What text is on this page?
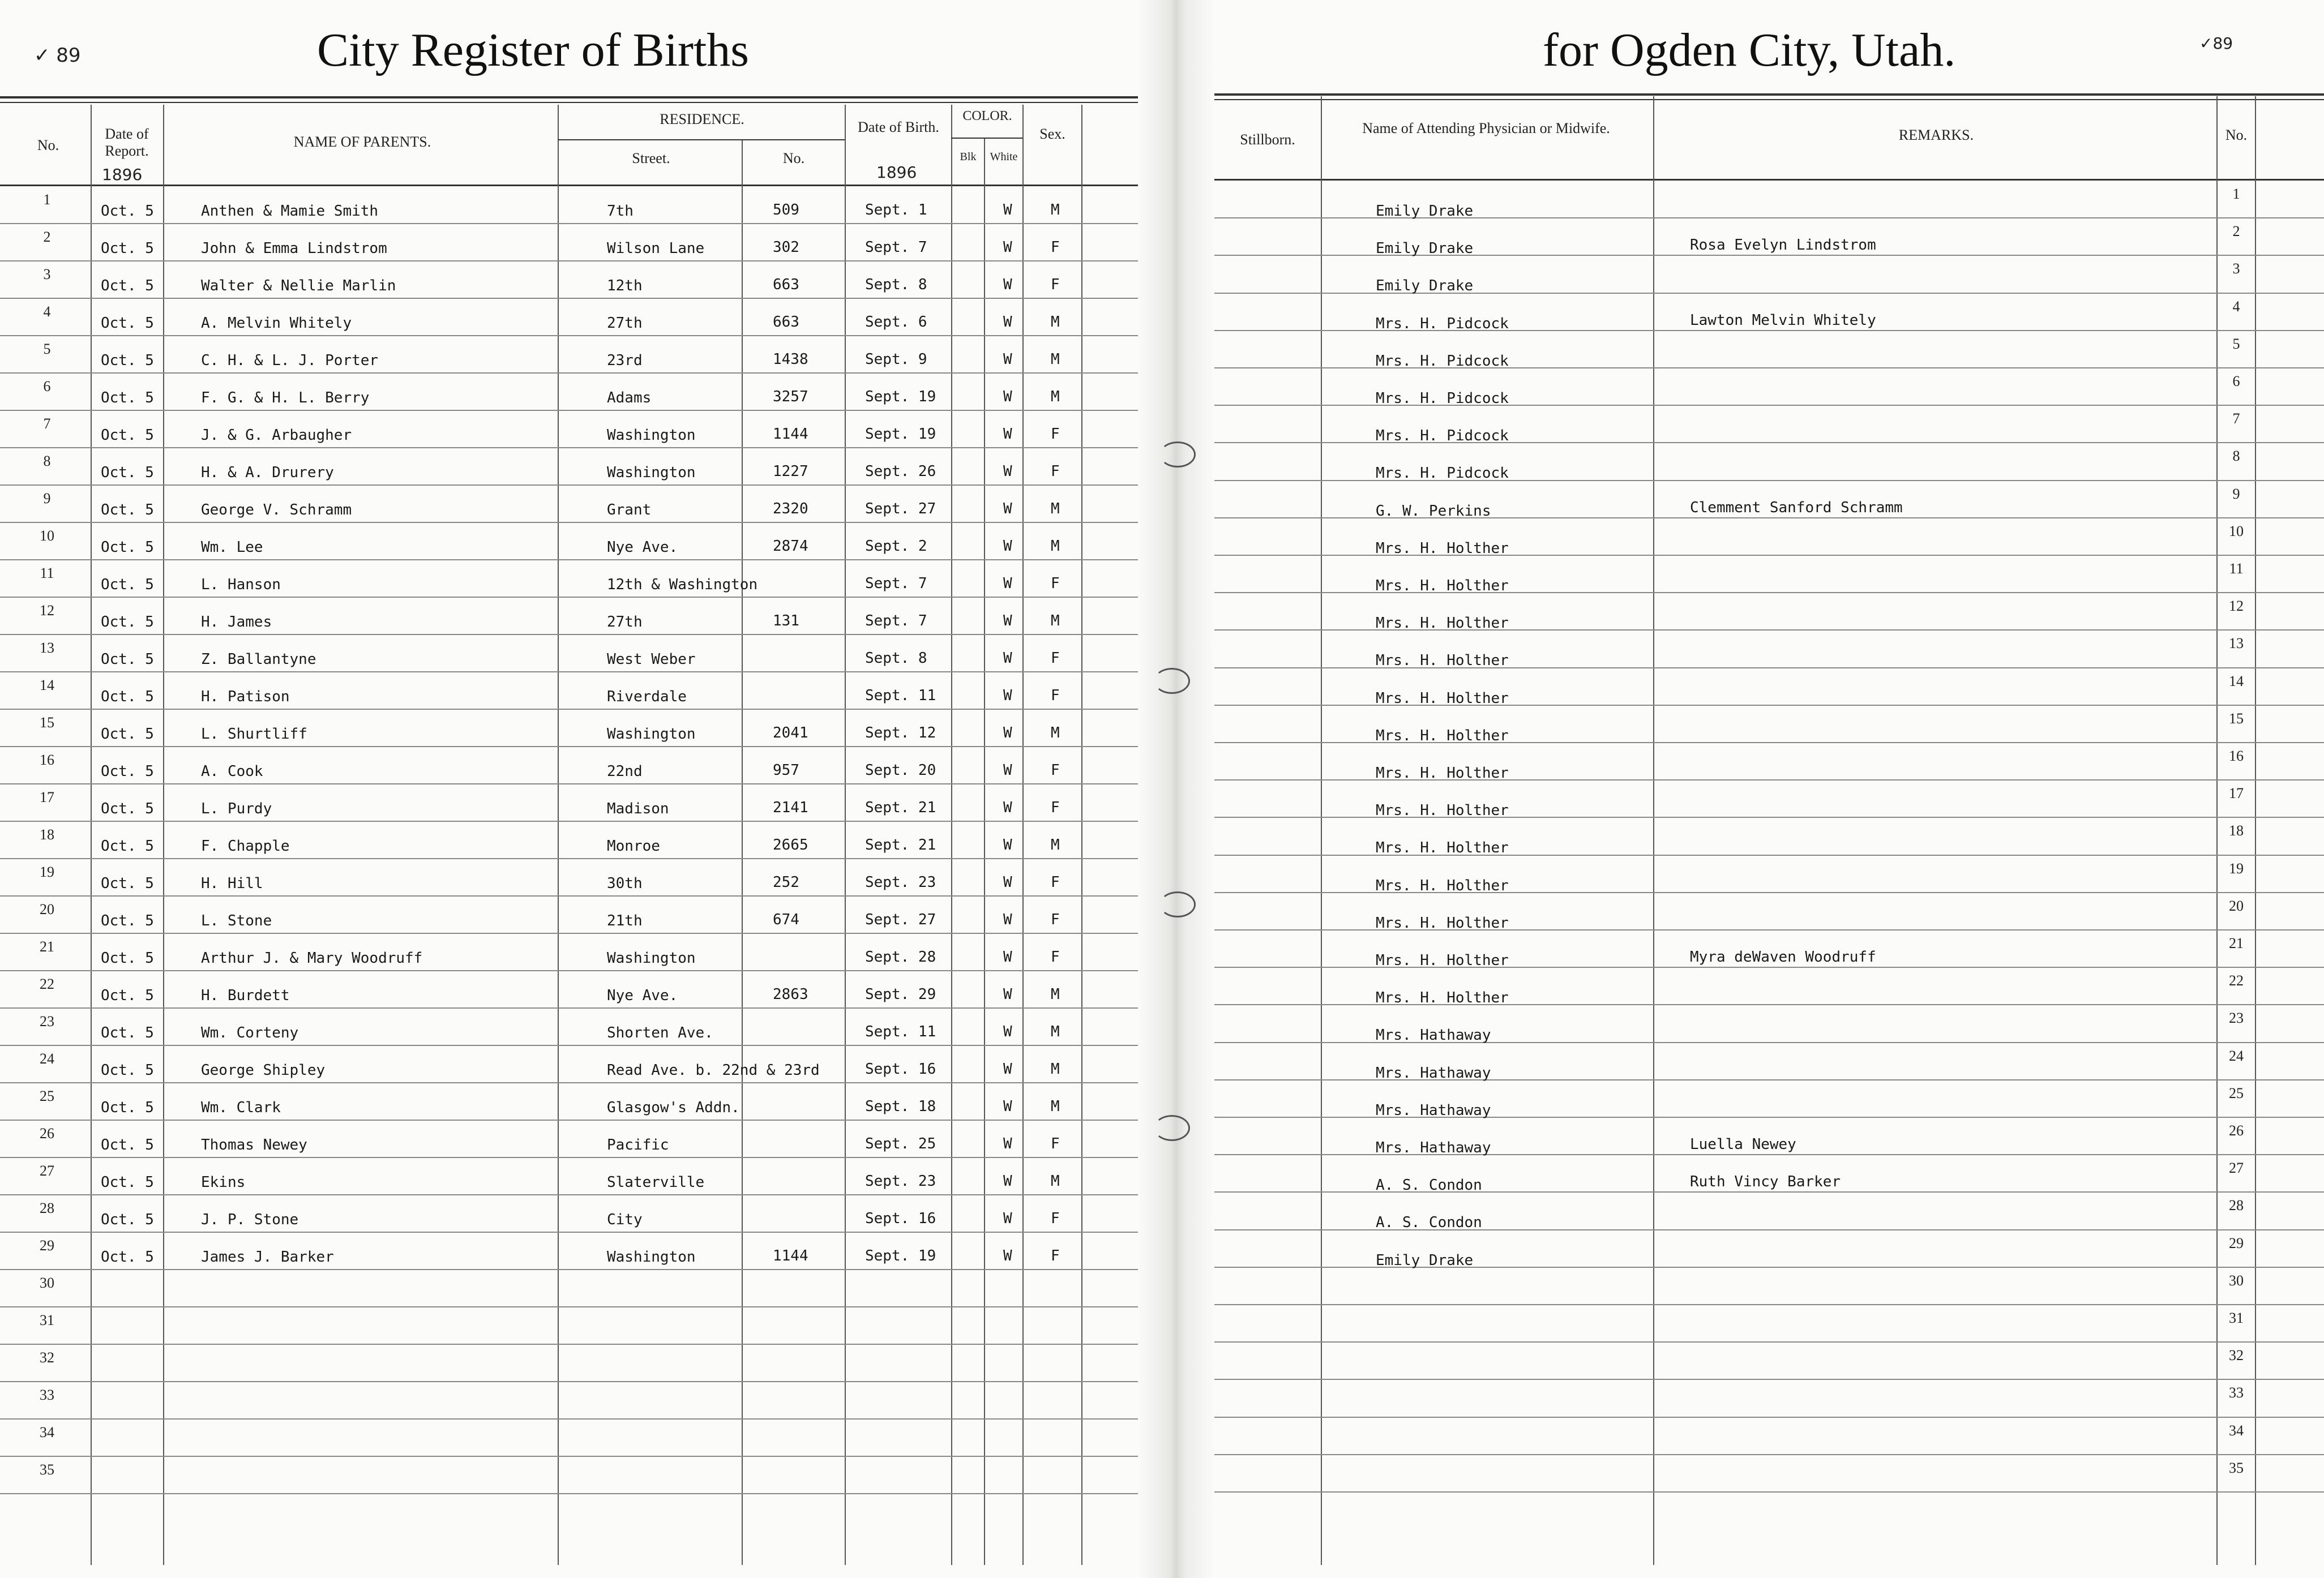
✓ 89	City Register of Births
No.
Date of Report.
1896
NAME OF PARENTS.
RESIDENCE.
Street.	No.
Date of Birth.
1896
COLOR.
Blk	White
Sex.
1
Oct. 5	Anthen & Mamie Smith	7th	509	Sept. 1	W	M
2
Oct. 5	John & Emma Lindstrom	Wilson Lane	302	Sept. 7	W	F
3
Oct. 5	Walter & Nellie Marlin	12th	663	Sept. 8	W	F
4
Oct. 5	A. Melvin Whitely	27th	663	Sept. 6	W	M
5
Oct. 5	C. H. & L. J. Porter	23rd	1438	Sept. 9	W	M
6
Oct. 5	F. G. & H. L. Berry	Adams	3257	Sept. 19	W	M
7
Oct. 5	J. & G. Arbaugher	Washington	1144	Sept. 19	W	F
8
Oct. 5	H. & A. Drurery	Washington	1227	Sept. 26	W	F
9
Oct. 5	George V. Schramm	Grant	2320	Sept. 27	W	M
10
Oct. 5	Wm. Lee	Nye Ave.	2874	Sept. 2	W	M
11
Oct. 5	L. Hanson	12th & Washington	Sept. 7	W	F
12
Oct. 5	H. James	27th	131	Sept. 7	W	M
13
Oct. 5	Z. Ballantyne	West Weber	Sept. 8	W	F
14
Oct. 5	H. Patison	Riverdale	Sept. 11	W	F
15
Oct. 5	L. Shurtliff	Washington	2041	Sept. 12	W	M
16
Oct. 5	A. Cook	22nd	957	Sept. 20	W	F
17
Oct. 5	L. Purdy	Madison	2141	Sept. 21	W	F
18
Oct. 5	F. Chapple	Monroe	2665	Sept. 21	W	M
19
Oct. 5	H. Hill	30th	252	Sept. 23	W	F
20
Oct. 5	L. Stone	21th	674	Sept. 27	W	F
21
Oct. 5	Arthur J. & Mary Woodruff	Washington	Sept. 28	W	F
22
Oct. 5	H. Burdett	Nye Ave.	2863	Sept. 29	W	M
23
Oct. 5	Wm. Corteny	Shorten Ave.	Sept. 11	W	M
24
Oct. 5	George Shipley	Read Ave. b. 22nd & 23rd	Sept. 16	W	M
25
Oct. 5	Wm. Clark	Glasgow's Addn.	Sept. 18	W	M
26
Oct. 5	Thomas Newey	Pacific	Sept. 25	W	F
27
Oct. 5	Ekins	Slaterville	Sept. 23	W	M
28
Oct. 5	J. P. Stone	City	Sept. 16	W	F
29
Oct. 5	James J. Barker	Washington	1144	Sept. 19	W	F
30
31
32
33
34
35
for Ogden City, Utah.	✓89
Stillborn.
Name of Attending Physician or Midwife.	REMARKS.	No.
Emily Drake
1
Emily Drake	Rosa Evelyn Lindstrom
2
Emily Drake
3
Mrs. H. Pidcock	Lawton Melvin Whitely
4
Mrs. H. Pidcock
5
Mrs. H. Pidcock
6
Mrs. H. Pidcock
7
Mrs. H. Pidcock
8
G. W. Perkins	Clemment Sanford Schramm
9
Mrs. H. Holther
10
Mrs. H. Holther
11
Mrs. H. Holther
12
Mrs. H. Holther
13
Mrs. H. Holther
14
Mrs. H. Holther
15
Mrs. H. Holther
16
Mrs. H. Holther
17
Mrs. H. Holther
18
Mrs. H. Holther
19
Mrs. H. Holther
20
Mrs. H. Holther	Myra deWaven Woodruff
21
Mrs. H. Holther
22
Mrs. Hathaway
23
Mrs. Hathaway
24
Mrs. Hathaway
25
Mrs. Hathaway	Luella Newey
26
A. S. Condon	Ruth Vincy Barker
27
A. S. Condon
28
Emily Drake
29
30
31
32
33
34
35
